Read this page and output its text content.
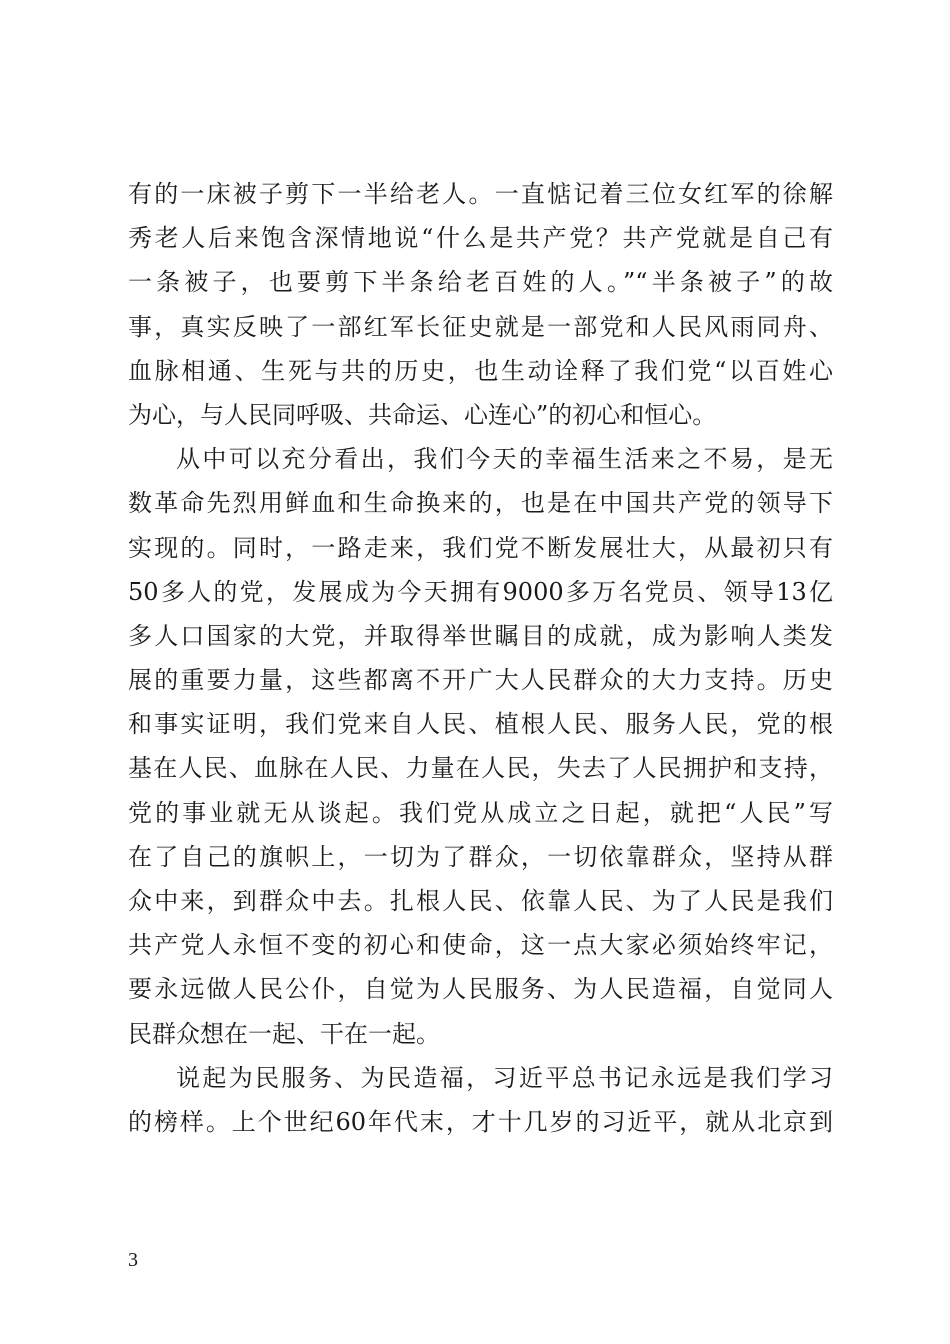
有的一床被子剪下一半给老人。一直惦记着三位女红军的徐解
秀老人后来饱含深情地说“什么是共产党？共产党就是自己有
一条被子，也要剪下半条给老百姓的人。”“半条被子”的故
事，真实反映了一部红军长征史就是一部党和人民风雨同舟、
血脉相通、生死与共的历史，也生动诠释了我们党“以百姓心
为心，与人民同呼吸、共命运、心连心”的初心和恒心。
从中可以充分看出，我们今天的幸福生活来之不易，是无
数革命先烈用鲜血和生命换来的，也是在中国共产党的领导下
实现的。同时，一路走来，我们党不断发展壮大，从最初只有
50多人的党，发展成为今天拥有9000多万名党员、领导13亿
多人口国家的大党，并取得举世瞩目的成就，成为影响人类发
展的重要力量，这些都离不开广大人民群众的大力支持。历史
和事实证明，我们党来自人民、植根人民、服务人民，党的根
基在人民、血脉在人民、力量在人民，失去了人民拥护和支持，
党的事业就无从谈起。我们党从成立之日起，就把“人民”写
在了自己的旗帜上，一切为了群众，一切依靠群众，坚持从群
众中来，到群众中去。扎根人民、依靠人民、为了人民是我们
共产党人永恒不变的初心和使命，这一点大家必须始终牢记，
要永远做人民公仆，自觉为人民服务、为人民造福，自觉同人
民群众想在一起、干在一起。
说起为民服务、为民造福，习近平总书记永远是我们学习
的榜样。上个世纪60年代末，才十几岁的习近平，就从北京到
3
